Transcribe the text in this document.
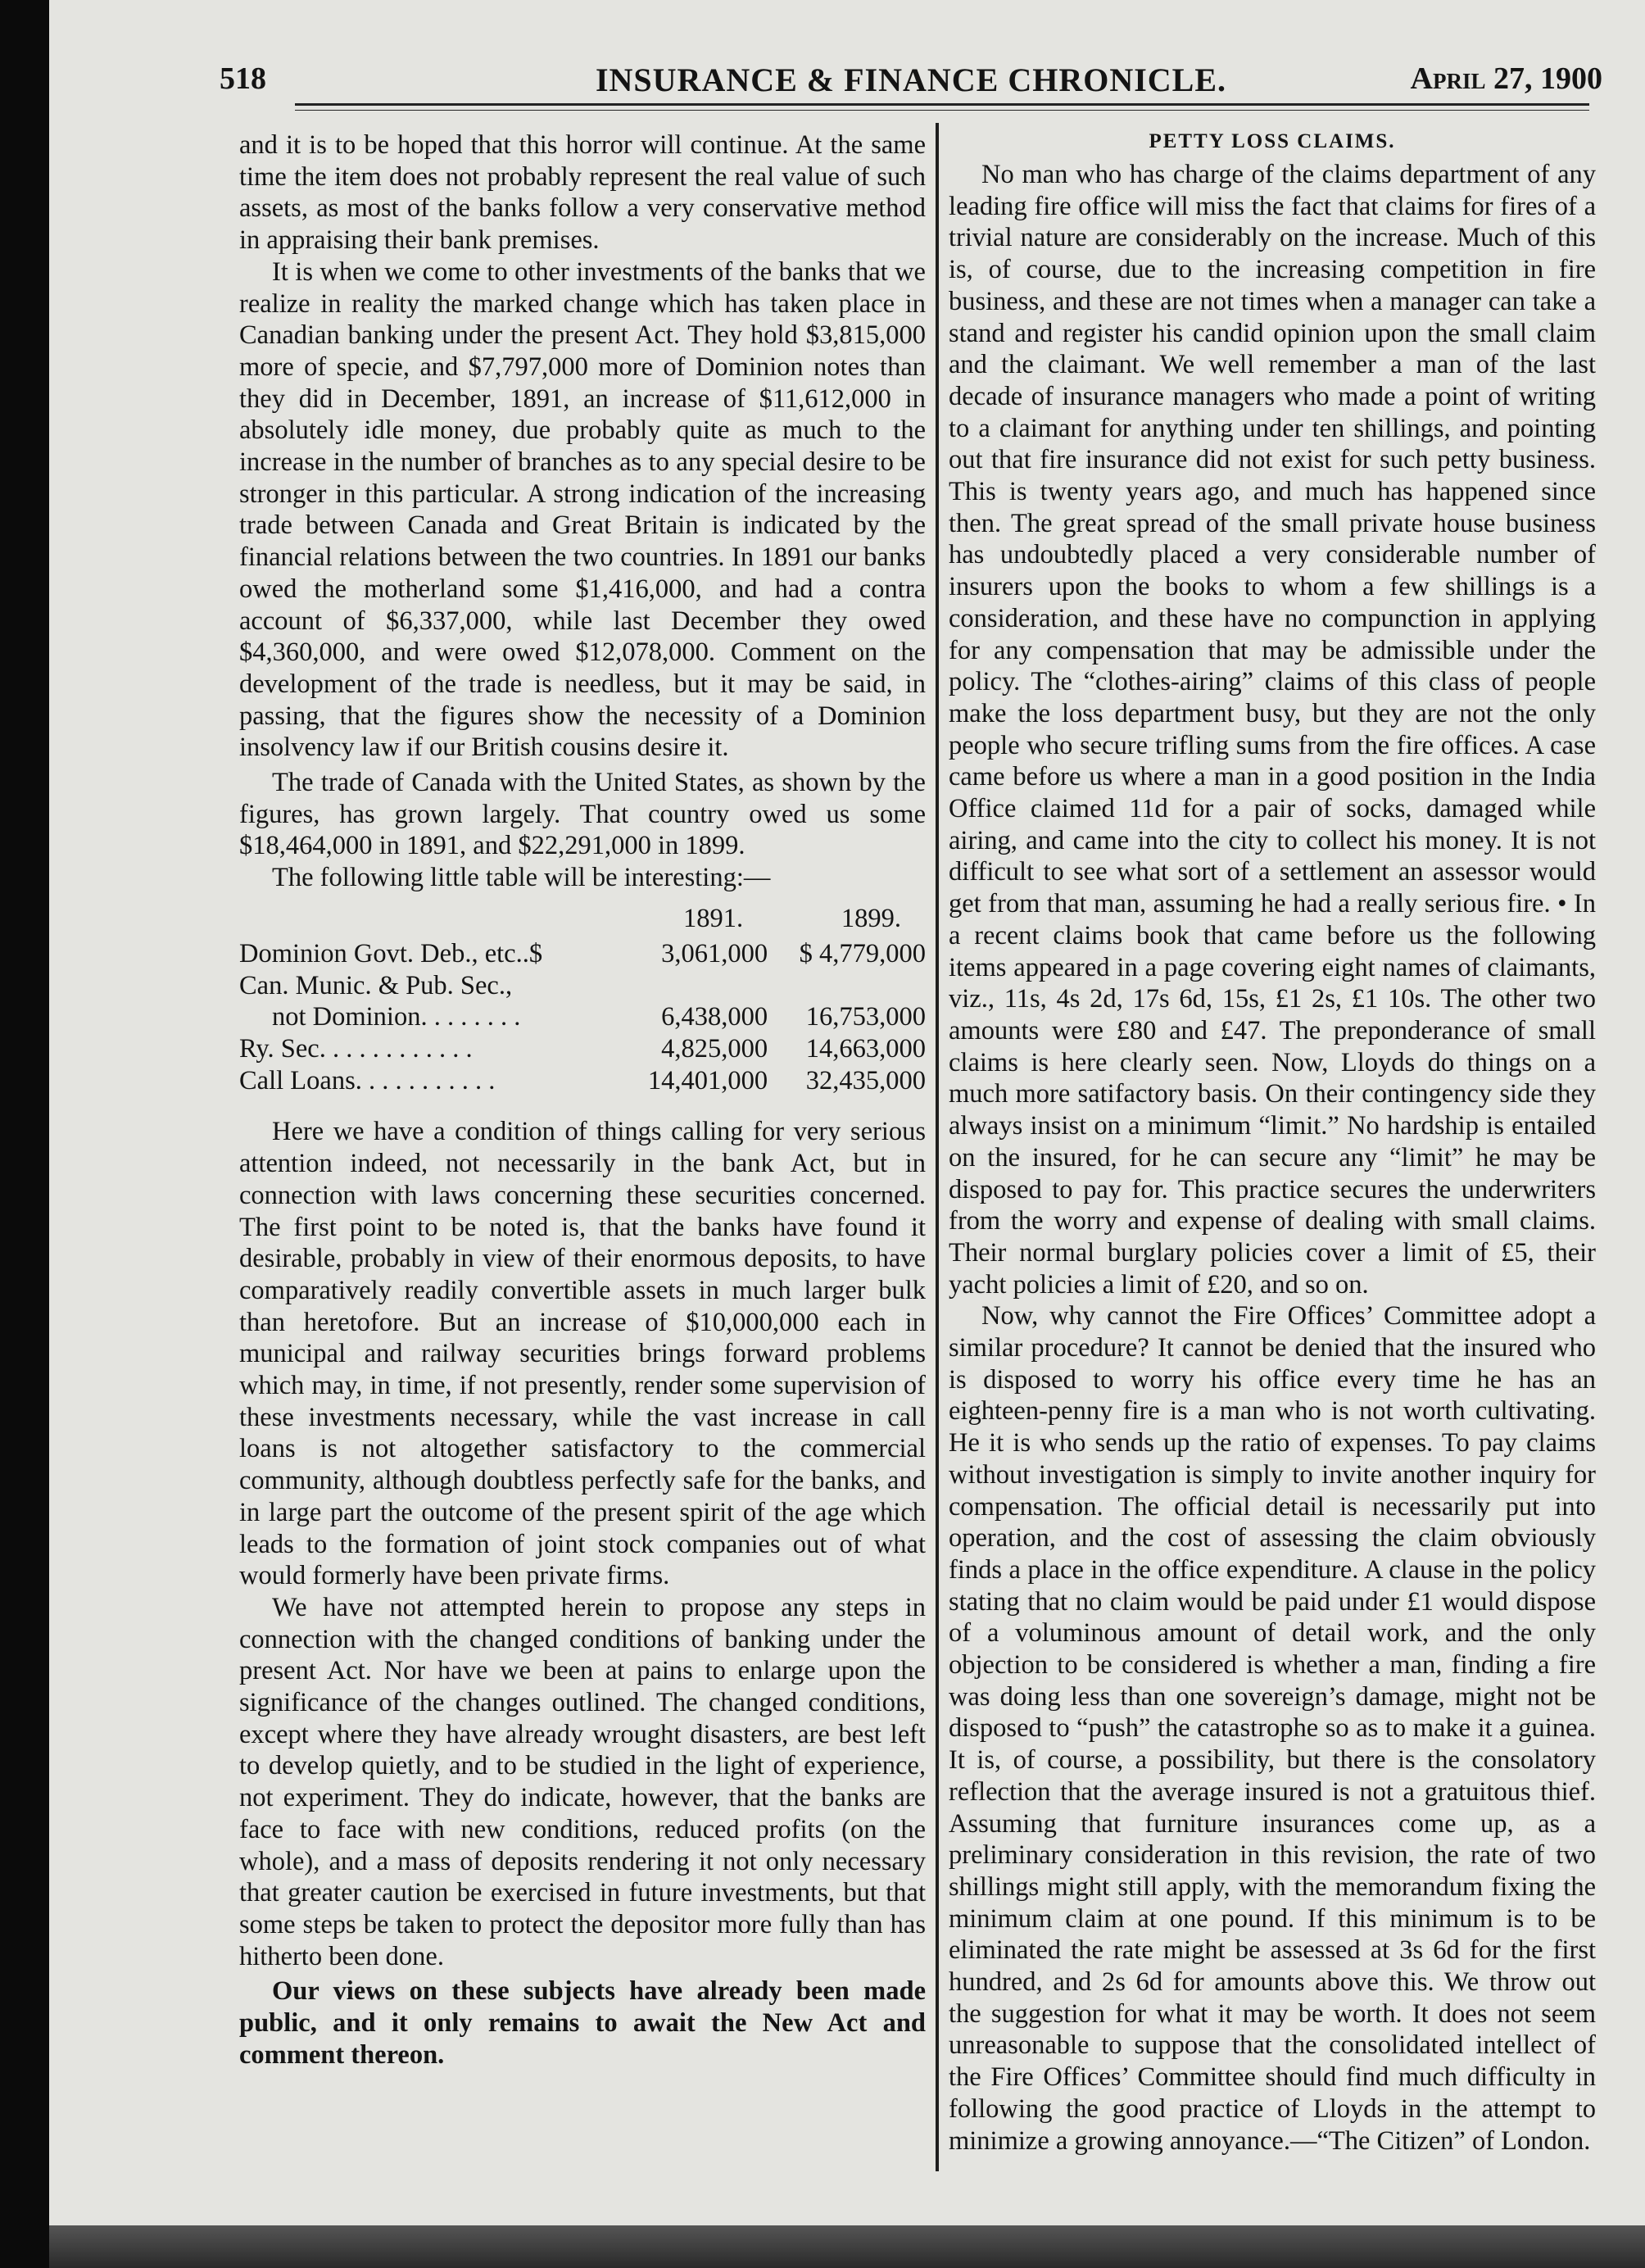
518	INSURANCE & FINANCE CHRONICLE.	April 27, 1900

and it is to be hoped that this horror will continue. At the same time the item does not probably represent the real value of such assets, as most of the banks follow a very conservative method in appraising their bank premises.

It is when we come to other investments of the banks that we realize in reality the marked change which has taken place in Canadian banking under the present Act. They hold $3,815,000 more of specie, and $7,797,000 more of Dominion notes than they did in December, 1891, an increase of $11,612,000 in absolutely idle money, due probably quite as much to the increase in the number of branches as to any special desire to be stronger in this particular. A strong indication of the increasing trade between Canada and Great Britain is indicated by the financial relations between the two countries. In 1891 our banks owed the motherland some $1,416,000, and had a contra account of $6,337,000, while last December they owed $4,360,000, and were owed $12,078,000. Comment on the development of the trade is needless, but it may be said, in passing, that the figures show the necessity of a Dominion insolvency law if our British cousins desire it.

The trade of Canada with the United States, as shown by the figures, has grown largely. That country owed us some $18,464,000 in 1891, and $22,291,000 in 1899.

The following little table will be interesting:—

	1891.	1899.
Dominion Govt. Deb., etc..$	3,061,000	$ 4,779,000
Can. Munic. & Pub. Sec.,		
not Dominion. . . . . . . .	6,438,000	16,753,000
Ry. Sec. . . . . . . . . . . .	4,825,000	14,663,000
Call Loans. . . . . . . . . . .	14,401,000	32,435,000

Here we have a condition of things calling for very serious attention indeed, not necessarily in the bank Act, but in connection with laws concerning these securities concerned. The first point to be noted is, that the banks have found it desirable, probably in view of their enormous deposits, to have comparatively readily convertible assets in much larger bulk than heretofore. But an increase of $10,000,000 each in municipal and railway securities brings forward problems which may, in time, if not presently, render some supervision of these investments necessary, while the vast increase in call loans is not altogether satisfactory to the commercial community, although doubtless perfectly safe for the banks, and in large part the outcome of the present spirit of the age which leads to the formation of joint stock companies out of what would formerly have been private firms.

We have not attempted herein to propose any steps in connection with the changed conditions of banking under the present Act. Nor have we been at pains to enlarge upon the significance of the changes outlined. The changed conditions, except where they have already wrought disasters, are best left to develop quietly, and to be studied in the light of experience, not experiment. They do indicate, however, that the banks are face to face with new conditions, reduced profits (on the whole), and a mass of deposits rendering it not only necessary that greater caution be exercised in future investments, but that some steps be taken to protect the depositor more fully than has hitherto been done.

Our views on these subjects have already been made public, and it only remains to await the New Act and comment thereon.

PETTY LOSS CLAIMS.

No man who has charge of the claims department of any leading fire office will miss the fact that claims for fires of a trivial nature are considerably on the increase. Much of this is, of course, due to the increasing competition in fire business, and these are not times when a manager can take a stand and register his candid opinion upon the small claim and the claimant. We well remember a man of the last decade of insurance managers who made a point of writing to a claimant for anything under ten shillings, and pointing out that fire insurance did not exist for such petty business. This is twenty years ago, and much has happened since then. The great spread of the small private house business has undoubtedly placed a very considerable number of insurers upon the books to whom a few shillings is a consideration, and these have no compunction in applying for any compensation that may be admissible under the policy. The “clothes-airing” claims of this class of people make the loss department busy, but they are not the only people who secure trifling sums from the fire offices. A case came before us where a man in a good position in the India Office claimed 11d for a pair of socks, damaged while airing, and came into the city to collect his money. It is not difficult to see what sort of a settlement an assessor would get from that man, assuming he had a really serious fire. • In a recent claims book that came before us the following items appeared in a page covering eight names of claimants, viz., 11s, 4s 2d, 17s 6d, 15s, £1 2s, £1 10s. The other two amounts were £80 and £47. The preponderance of small claims is here clearly seen. Now, Lloyds do things on a much more satifactory basis. On their contingency side they always insist on a minimum “limit.” No hardship is entailed on the insured, for he can secure any “limit” he may be disposed to pay for. This practice secures the underwriters from the worry and expense of dealing with small claims. Their normal burglary policies cover a limit of £5, their yacht policies a limit of £20, and so on.

Now, why cannot the Fire Offices’ Committee adopt a similar procedure? It cannot be denied that the insured who is disposed to worry his office every time he has an eighteen-penny fire is a man who is not worth cultivating. He it is who sends up the ratio of expenses. To pay claims without investigation is simply to invite another inquiry for compensation. The official detail is necessarily put into operation, and the cost of assessing the claim obviously finds a place in the office expenditure. A clause in the policy stating that no claim would be paid under £1 would dispose of a voluminous amount of detail work, and the only objection to be considered is whether a man, finding a fire was doing less than one sovereign’s damage, might not be disposed to “push” the catastrophe so as to make it a guinea. It is, of course, a possibility, but there is the consolatory reflection that the average insured is not a gratuitous thief. Assuming that furniture insurances come up, as a preliminary consideration in this revision, the rate of two shillings might still apply, with the memorandum fixing the minimum claim at one pound. If this minimum is to be eliminated the rate might be assessed at 3s 6d for the first hundred, and 2s 6d for amounts above this. We throw out the suggestion for what it may be worth. It does not seem unreasonable to suppose that the consolidated intellect of the Fire Offices’ Committee should find much difficulty in following the good practice of Lloyds in the attempt to minimize a growing annoyance.—“The Citizen” of London.
